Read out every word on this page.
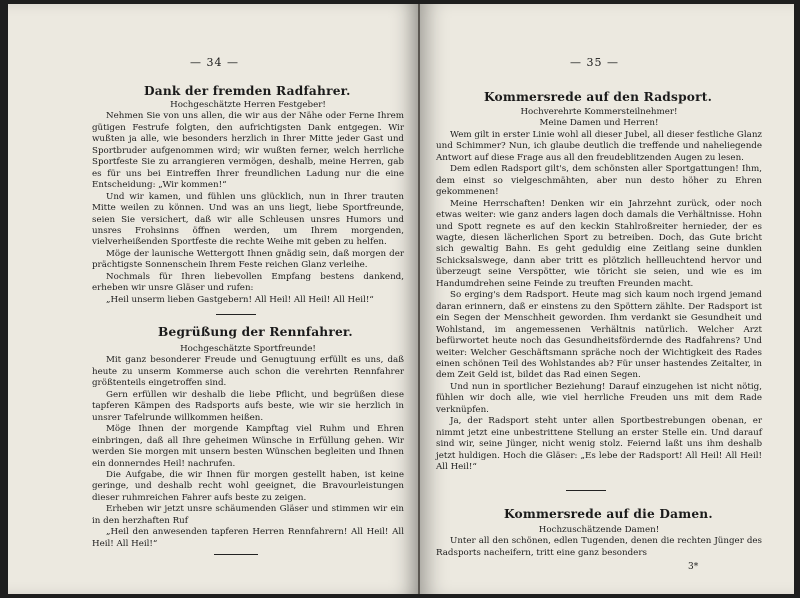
— 34 —
Dank der fremden Radfahrer.

Hochgeschätzte Herren Festgeber!

Nehmen Sie von uns allen, die wir aus der Nähe oder Ferne Ihrem gütigen Festrufe folgten, den aufrichtigsten Dank entgegen. Wir wußten ja alle, wie besonders herzlich in Ihrer Mitte jeder Gast und Sportbruder aufgenommen wird; wir wußten ferner, welch herrliche Sportfeste Sie zu arrangieren vermögen, deshalb, meine Herren, gab es für uns bei Eintreffen Ihrer freundlichen Ladung nur die eine Entscheidung: „Wir kommen!“

Und wir kamen, und fühlen uns glücklich, nun in Ihrer trauten Mitte weilen zu können. Und was an uns liegt, liebe Sportfreunde, seien Sie versichert, daß wir alle Schleusen unsres Humors und unsres Frohsinns öffnen werden, um Ihrem morgenden, vielverheißenden Sportfeste die rechte Weihe mit geben zu helfen.

Möge der launische Wettergott Ihnen gnädig sein, daß morgen der prächtigste Sonnenschein Ihrem Feste reichen Glanz verleihe.

Nochmals für Ihren liebevollen Empfang bestens dankend, erheben wir unsre Gläser und rufen:

„Heil unserm lieben Gastgebern! All Heil! All Heil! All Heil!“

Begrüßung der Rennfahrer.

Hochgeschätzte Sportfreunde!

Mit ganz besonderer Freude und Genugtuung erfüllt es uns, daß heute zu unserm Kommerse auch schon die verehrten Rennfahrer größtenteils eingetroffen sind.

Gern erfüllen wir deshalb die liebe Pflicht, und begrüßen diese tapferen Kämpen des Radsports aufs beste, wie wir sie herzlich in unsrer Tafelrunde willkommen heißen.

Möge Ihnen der morgende Kampftag viel Ruhm und Ehren einbringen, daß all Ihre geheimen Wünsche in Erfüllung gehen. Wir werden Sie morgen mit unsern besten Wünschen begleiten und Ihnen ein donnerndes Heil! nachrufen.

Die Aufgabe, die wir Ihnen für morgen gestellt haben, ist keine geringe, und deshalb recht wohl geeignet, die Bravourleistungen dieser ruhmreichen Fahrer aufs beste zu zeigen.

Erheben wir jetzt unsre schäumenden Gläser und stimmen wir ein in den herzhaften Ruf

„Heil den anwesenden tapferen Herren Rennfahrern! All Heil! All Heil! All Heil!“

— 35 —
Kommersrede auf den Radsport.

Hochverehrte Kommersteilnehmer!

Meine Damen und Herren!

Wem gilt in erster Linie wohl all dieser Jubel, all dieser festliche Glanz und Schimmer? Nun, ich glaube deutlich die treffende und naheliegende Antwort auf diese Frage aus all den freudeblitzenden Augen zu lesen.

Dem edlen Radsport gilt's, dem schönsten aller Sportgattungen! Ihm, dem einst so vielgeschmähten, aber nun desto höher zu Ehren gekommenen!

Meine Herrschaften! Denken wir ein Jahrzehnt zurück, oder noch etwas weiter: wie ganz anders lagen doch damals die Verhältnisse. Hohn und Spott regnete es auf den keckin Stahlroßreiter hernieder, der es wagte, diesen lächerlichen Sport zu betreiben. Doch, das Gute bricht sich gewaltig Bahn. Es geht geduldig eine Zeitlang seine dunklen Schicksalswege, dann aber tritt es plötzlich hellleuchtend hervor und überzeugt seine Verspötter, wie töricht sie seien, und wie es im Handumdrehen seine Feinde zu treuften Freunden macht.

So erging's dem Radsport. Heute mag sich kaum noch irgend jemand daran erinnern, daß er einstens zu den Spöttern zählte. Der Radsport ist ein Segen der Menschheit geworden. Ihm verdankt sie Gesundheit und Wohlstand, im angemessenen Verhältnis natürlich. Welcher Arzt befürwortet heute noch das Gesundheitsfördernde des Radfahrens? Und weiter: Welcher Geschäftsmann spräche noch der Wichtigkeit des Rades einen schönen Teil des Wohlstandes ab? Für unser hastendes Zeitalter, in dem Zeit Geld ist, bildet das Rad einen Segen.

Und nun in sportlicher Beziehung! Darauf einzugehen ist nicht nötig, fühlen wir doch alle, wie viel herrliche Freuden uns mit dem Rade verknüpfen.

Ja, der Radsport steht unter allen Sportbestrebungen obenan, er nimmt jetzt eine unbestrittene Stellung an erster Stelle ein. Und darauf sind wir, seine Jünger, nicht wenig stolz. Feiernd laßt uns ihm deshalb jetzt huldigen. Hoch die Gläser: „Es lebe der Radsport! All Heil! All Heil! All Heil!“

Kommersrede auf die Damen.

Hochzuschätzende Damen!

Unter all den schönen, edlen Tugenden, denen die rechten Jünger des Radsports nacheifern, tritt eine ganz besonders

3*
